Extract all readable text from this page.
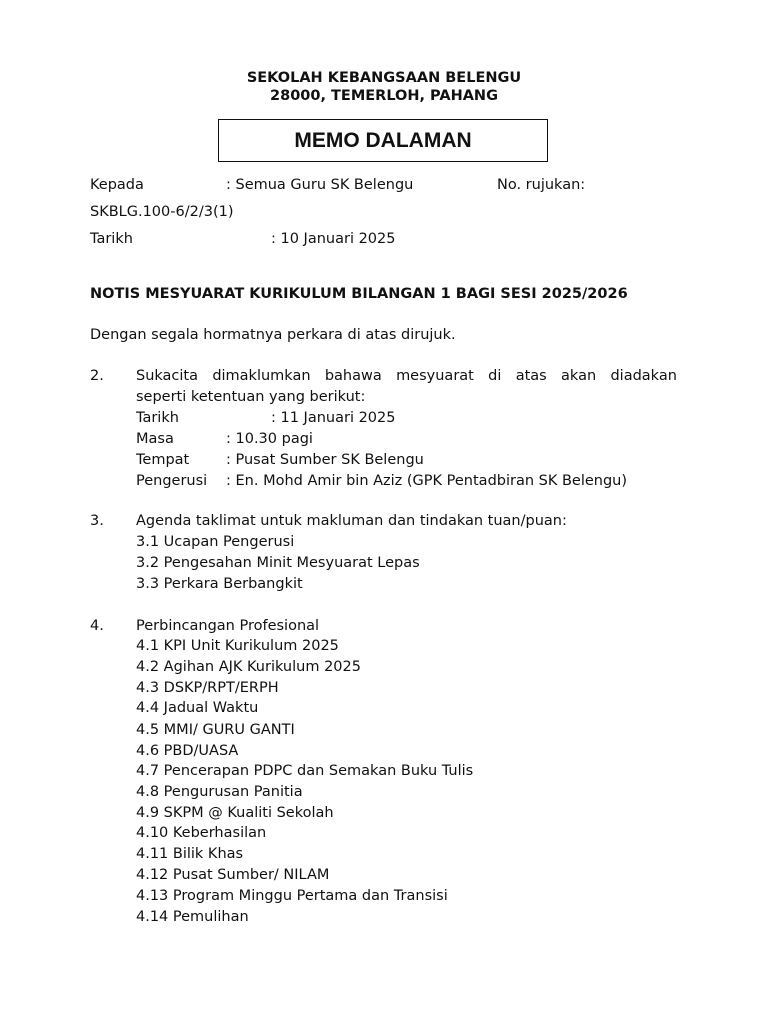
SEKOLAH KEBANGSAAN BELENGU
28000, TEMERLOH, PAHANG
MEMO DALAMAN
Kepada	: Semua Guru SK Belengu	No. rujukan:
SKBLG.100-6/2/3(1)
Tarikh	: 10 Januari 2025
NOTIS MESYUARAT KURIKULUM BILANGAN 1 BAGI SESI 2025/2026
Dengan segala hormatnya perkara di atas dirujuk.
2. Sukacita dimaklumkan bahawa mesyuarat di atas akan diadakan
seperti ketentuan yang berikut:
Tarikh	: 11 Januari 2025
Masa	: 10.30 pagi
Tempat	: Pusat Sumber SK Belengu
Pengerusi : En. Mohd Amir bin Aziz (GPK Pentadbiran SK Belengu)
3. Agenda taklimat untuk makluman dan tindakan tuan/puan:
3.1 Ucapan Pengerusi
3.2 Pengesahan Minit Mesyuarat Lepas
3.3 Perkara Berbangkit
4. Perbincangan Profesional
4.1 KPI Unit Kurikulum 2025
4.2 Agihan AJK Kurikulum 2025
4.3 DSKP/RPT/ERPH
4.4 Jadual Waktu
4.5 MMI/ GURU GANTI
4.6 PBD/UASA
4.7 Pencerapan PDPC dan Semakan Buku Tulis
4.8 Pengurusan Panitia
4.9 SKPM @ Kualiti Sekolah
4.10 Keberhasilan
4.11 Bilik Khas
4.12 Pusat Sumber/ NILAM
4.13 Program Minggu Pertama dan Transisi
4.14 Pemulihan
